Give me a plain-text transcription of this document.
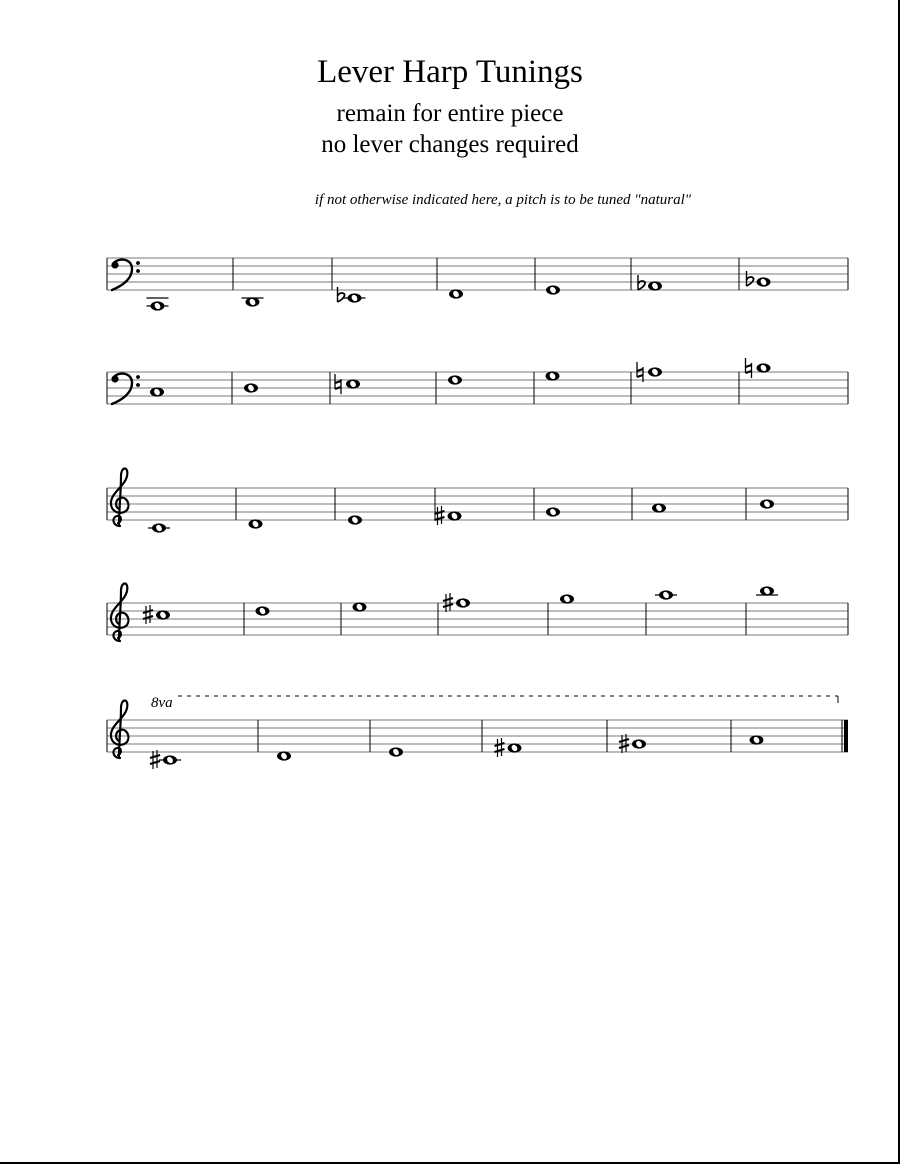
Lever Harp Tunings
remain for entire piece
no lever changes required
if not otherwise indicated here, a pitch is to be tuned "natural"
8va
